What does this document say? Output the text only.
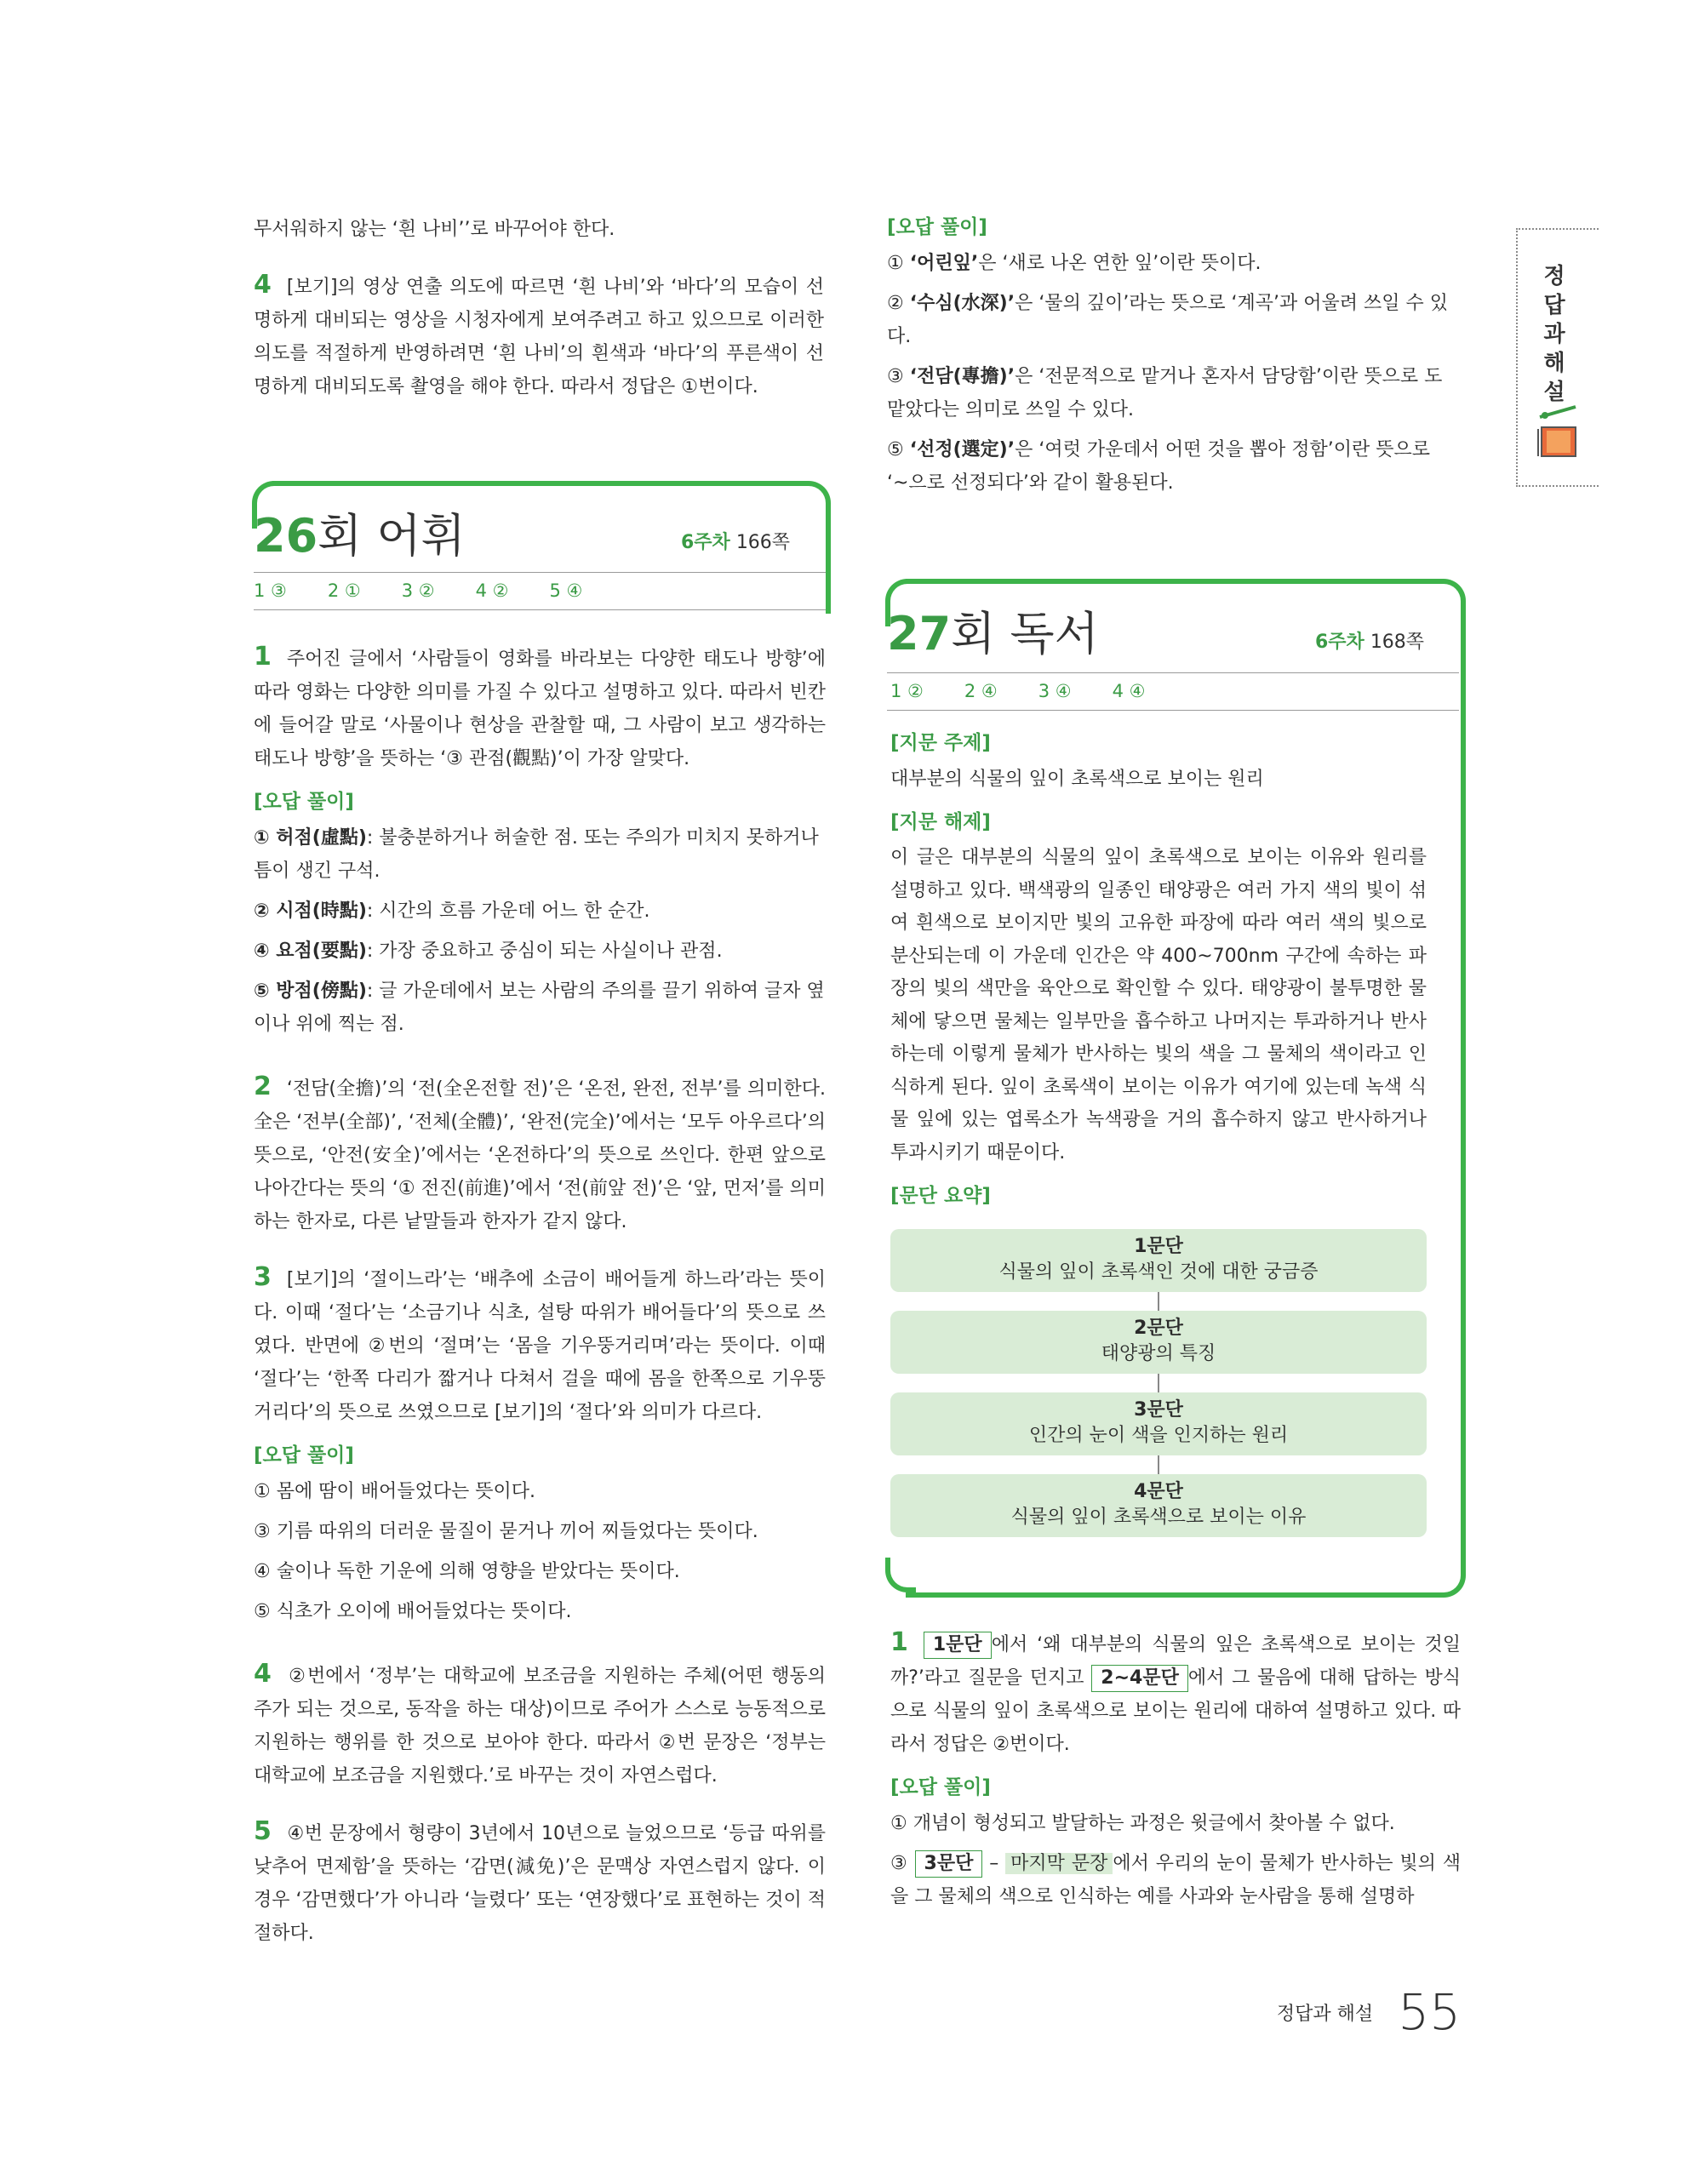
정답과 해설

무서워하지 않는 ‘흰 나비’’로 바꾸어야 한다.

4 [보기]의 영상 연출 의도에 따르면 ‘흰 나비’와 ‘바다’의 모습이 선명하게 대비되는 영상을 시청자에게 보여주려고 하고 있으므로 이러한 의도를 적절하게 반영하려면 ‘흰 나비’의 흰색과 ‘바다’의 푸른색이 선명하게 대비되도록 촬영을 해야 한다. 따라서 정답은 ①번이다.

26회 어휘	6주차 166쪽
1 ③ 2 ① 3 ② 4 ② 5 ④

1 주어진 글에서 ‘사람들이 영화를 바라보는 다양한 태도나 방향’에 따라 영화는 다양한 의미를 가질 수 있다고 설명하고 있다. 따라서 빈칸에 들어갈 말로 ‘사물이나 현상을 관찰할 때, 그 사람이 보고 생각하는 태도나 방향’을 뜻하는 ‘③ 관점(觀點)’이 가장 알맞다.

[오답 풀이]

① 허점(虛點): 불충분하거나 허술한 점. 또는 주의가 미치지 못하거나 틈이 생긴 구석.

② 시점(時點): 시간의 흐름 가운데 어느 한 순간.

④ 요점(要點): 가장 중요하고 중심이 되는 사실이나 관점.

⑤ 방점(傍點): 글 가운데에서 보는 사람의 주의를 끌기 위하여 글자 옆이나 위에 찍는 점.

2 ‘전담(全擔)’의 ‘전(全온전할 전)’은 ‘온전, 완전, 전부’를 의미한다. 全은 ‘전부(全部)’, ‘전체(全體)’, ‘완전(完全)’에서는 ‘모두 아우르다’의 뜻으로, ‘안전(安全)’에서는 ‘온전하다’의 뜻으로 쓰인다. 한편 앞으로 나아간다는 뜻의 ‘① 전진(前進)’에서 ‘전(前앞 전)’은 ‘앞, 먼저’를 의미하는 한자로, 다른 낱말들과 한자가 같지 않다.

3 [보기]의 ‘절이느라’는 ‘배추에 소금이 배어들게 하느라’라는 뜻이다. 이때 ‘절다’는 ‘소금기나 식초, 설탕 따위가 배어들다’의 뜻으로 쓰였다. 반면에 ②번의 ‘절며’는 ‘몸을 기우뚱거리며’라는 뜻이다. 이때 ‘절다’는 ‘한쪽 다리가 짧거나 다쳐서 걸을 때에 몸을 한쪽으로 기우뚱거리다’의 뜻으로 쓰였으므로 [보기]의 ‘절다’와 의미가 다르다.

[오답 풀이]

① 몸에 땀이 배어들었다는 뜻이다.

③ 기름 따위의 더러운 물질이 묻거나 끼어 찌들었다는 뜻이다.

④ 술이나 독한 기운에 의해 영향을 받았다는 뜻이다.

⑤ 식초가 오이에 배어들었다는 뜻이다.

4 ②번에서 ‘정부’는 대학교에 보조금을 지원하는 주체(어떤 행동의 주가 되는 것으로, 동작을 하는 대상)이므로 주어가 스스로 능동적으로 지원하는 행위를 한 것으로 보아야 한다. 따라서 ②번 문장은 ‘정부는 대학교에 보조금을 지원했다.’로 바꾸는 것이 자연스럽다.

5 ④번 문장에서 형량이 3년에서 10년으로 늘었으므로 ‘등급 따위를 낮추어 면제함’을 뜻하는 ‘감면(減免)’은 문맥상 자연스럽지 않다. 이 경우 ‘감면했다’가 아니라 ‘늘렸다’ 또는 ‘연장했다’로 표현하는 것이 적절하다.

[오답 풀이]

① ‘어린잎’은 ‘새로 나온 연한 잎’이란 뜻이다.

② ‘수심(水深)’은 ‘물의 깊이’라는 뜻으로 ‘계곡’과 어울려 쓰일 수 있다.

③ ‘전담(專擔)’은 ‘전문적으로 맡거나 혼자서 담당함’이란 뜻으로 도맡았다는 의미로 쓰일 수 있다.

⑤ ‘선정(選定)’은 ‘여럿 가운데서 어떤 것을 뽑아 정함’이란 뜻으로 ‘~으로 선정되다’와 같이 활용된다.

27회 독서	6주차 168쪽
1 ② 2 ④ 3 ④ 4 ④
[지문 주제]

대부분의 식물의 잎이 초록색으로 보이는 원리

[지문 해제]

이 글은 대부분의 식물의 잎이 초록색으로 보이는 이유와 원리를 설명하고 있다. 백색광의 일종인 태양광은 여러 가지 색의 빛이 섞여 흰색으로 보이지만 빛의 고유한 파장에 따라 여러 색의 빛으로 분산되는데 이 가운데 인간은 약 400~700nm 구간에 속하는 파장의 빛의 색만을 육안으로 확인할 수 있다. 태양광이 불투명한 물체에 닿으면 물체는 일부만을 흡수하고 나머지는 투과하거나 반사하는데 이렇게 물체가 반사하는 빛의 색을 그 물체의 색이라고 인식하게 된다. 잎이 초록색이 보이는 이유가 여기에 있는데 녹색 식물 잎에 있는 엽록소가 녹색광을 거의 흡수하지 않고 반사하거나 투과시키기 때문이다.

[문단 요약]
1문단
식물의 잎이 초록색인 것에 대한 궁금증
2문단
태양광의 특징
3문단
인간의 눈이 색을 인지하는 원리
4문단
식물의 잎이 초록색으로 보이는 이유

1 1문단 에서 ‘왜 대부분의 식물의 잎은 초록색으로 보이는 것일까?’라고 질문을 던지고 2~4문단 에서 그 물음에 대해 답하는 방식으로 식물의 잎이 초록색으로 보이는 원리에 대하여 설명하고 있다. 따라서 정답은 ②번이다.

[오답 풀이]

① 개념이 형성되고 발달하는 과정은 윗글에서 찾아볼 수 없다.

③ 3문단 – 마지막 문장 에서 우리의 눈이 물체가 반사하는 빛의 색을 그 물체의 색으로 인식하는 예를 사과와 눈사람을 통해 설명하

정답과 해설 55
